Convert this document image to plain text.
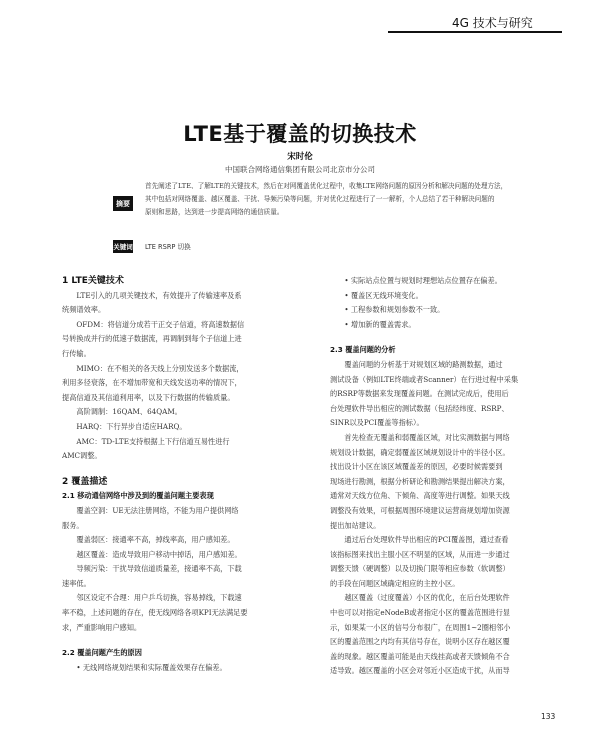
4G 技术与研究
LTE基于覆盖的切换技术
宋时伦
中国联合网络通信集团有限公司北京市分公司
摘要
首先阐述了LTE、了解LTE的关键技术，然后在对网覆盖优化过程中，收集LTE网络问题的原因分析和解决问题的处理方法，
其中包括对网络覆盖、越区覆盖、干扰、导频污染等问题，并对优化过程进行了一一解析，个人总结了若干种解决问题的
原则和思路，达到进一步提高网络的通信质量。
关键词 LTE RSRP 切换

1 LTE关键技术

　　LTE引入的几项关键技术，有效提升了传输速率及系

统频谱效率。

　　OFDM：将信道分成若干正交子信道，将高速数据信

号转换成并行的低速子数据流，再调制到每个子信道上进

行传输。

　　MIMO：在不相关的各天线上分别发送多个数据流，

利用多径衰落，在不增加带宽和天线发送功率的情况下，

提高信道及其信道利用率，以及下行数据的传输质量。

　　高阶调制：16QAM、64QAM。

　　HARQ：下行异步自适应HARQ。

　　AMC：TD-LTE支持根据上下行信道互易性进行

AMC调整。

2 覆盖描述

2.1 移动通信网络中涉及到的覆盖问题主要表现

　　覆盖空洞：UE无法注册网络，不能为用户提供网络

服务。

　　覆盖弱区：接通率不高，掉线率高，用户感知差。

　　越区覆盖：造成导致用户移动中掉话，用户感知差。

　　导频污染：干扰导致信道质量差，接通率不高，下载

速率低。

　　邻区设定不合理：用户乒乓切换，容易掉线，下载速

率不稳，上述问题的存在，使无线网络各项KPI无法满足要

求，严重影响用户感知。

2.2 覆盖问题产生的原因

　　• 无线网络规划结果和实际覆盖效果存在偏差。

　　• 实际站点位置与规划时理想站点位置存在偏差。

　　• 覆盖区无线环境变化。

　　• 工程参数和规划参数不一致。

　　• 增加新的覆盖需求。

2.3 覆盖问题的分析

　　覆盖问题的分析基于对规划区域的路测数据，通过

测试设备（例如LTE终端或者Scanner）在行进过程中采集

的RSRP等数据来发现覆盖问题。在测试完成后，使用后

台处理软件导出相应的测试数据（包括经纬度、RSRP、

SINR以及PCI覆盖等指标）。

　　首先检查无覆盖和弱覆盖区域，对比实测数据与网络

规划设计数据，确定弱覆盖区域规划设计中的半径小区。

找出设计小区在该区域覆盖差的原因，必要时候需要到

现场进行勘测，根据分析研论和勘测结果提出解决方案，

通常对天线方位角、下倾角、高度等进行调整。如果天线

调整没有效果，可根据周围环境建议运营商规划增加资源

提出加站建议。

　　通过后台处理软件导出相应的PCI覆盖图，通过查看

该指标图来找出主服小区不明显的区域，从而进一步通过

调整天馈（硬调整）以及切换门限等相应参数（软调整）

的手段在问题区域确定相应的主控小区。

　　越区覆盖（过度覆盖）小区的优化，在后台处理软件

中也可以对指定eNodeB或者指定小区的覆盖范围进行显

示，如果某一小区的信号分布很广，在周围1~2圈相邻小

区的覆盖范围之内均有其信号存在，说明小区存在越区覆

盖的现象。越区覆盖可能是由天线挂高或者天馈倾角不合

适导致。越区覆盖的小区会对邻近小区造成干扰，从而导

133
